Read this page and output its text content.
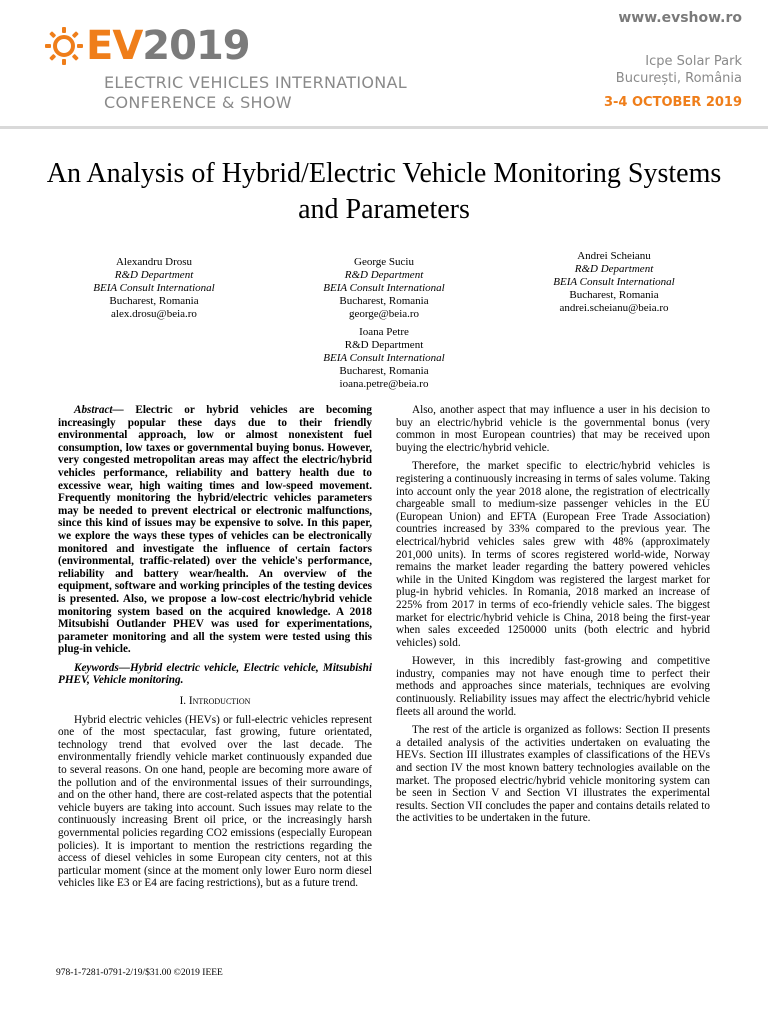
www.evshow.ro
EV2019
ELECTRIC VEHICLES INTERNATIONAL
CONFERENCE & SHOW
Icpe Solar Park
București, România
3-4 OCTOBER 2019
An Analysis of Hybrid/Electric Vehicle Monitoring Systems and Parameters
Alexandru Drosu
R&D Department
BEIA Consult International
Bucharest, Romania
alex.drosu@beia.ro
George Suciu
R&D Department
BEIA Consult International
Bucharest, Romania
george@beia.ro
Andrei Scheianu
R&D Department
BEIA Consult International
Bucharest, Romania
andrei.scheianu@beia.ro
Ioana Petre
R&D Department
BEIA Consult International
Bucharest, Romania
ioana.petre@beia.ro

Abstract— Electric or hybrid vehicles are becoming increasingly popular these days due to their friendly environmental approach, low or almost nonexistent fuel consumption, low taxes or governmental buying bonus. However, very congested metropolitan areas may affect the electric/hybrid vehicles performance, reliability and battery health due to excessive wear, high waiting times and low-speed movement. Frequently monitoring the hybrid/electric vehicles parameters may be needed to prevent electrical or electronic malfunctions, since this kind of issues may be expensive to solve. In this paper, we explore the ways these types of vehicles can be electronically monitored and investigate the influence of certain factors (environmental, traffic-related) over the vehicle's performance, reliability and battery wear/health. An overview of the equipment, software and working principles of the testing devices is presented. Also, we propose a low-cost electric/hybrid vehicle monitoring system based on the acquired knowledge. A 2018 Mitsubishi Outlander PHEV was used for experimentations, parameter monitoring and all the system were tested using this plug-in vehicle.

Keywords—Hybrid electric vehicle, Electric vehicle, Mitsubishi PHEV, Vehicle monitoring.

I. Introduction

Hybrid electric vehicles (HEVs) or full-electric vehicles represent one of the most spectacular, fast growing, future orientated, technology trend that evolved over the last decade. The environmentally friendly vehicle market continuously expanded due to several reasons. On one hand, people are becoming more aware of the pollution and of the environmental issues of their surroundings, and on the other hand, there are cost-related aspects that the potential vehicle buyers are taking into account. Such issues may relate to the continuously increasing Brent oil price, or the increasingly harsh governmental policies regarding CO2 emissions (especially European policies). It is important to mention the restrictions regarding the access of diesel vehicles in some European city centers, not at this particular moment (since at the moment only lower Euro norm diesel vehicles like E3 or E4 are facing restrictions), but as a future trend.

Also, another aspect that may influence a user in his decision to buy an electric/hybrid vehicle is the governmental bonus (very common in most European countries) that may be received upon buying the electric/hybrid vehicle.

Therefore, the market specific to electric/hybrid vehicles is registering a continuously increasing in terms of sales volume. Taking into account only the year 2018 alone, the registration of electrically chargeable small to medium-size passenger vehicles in the EU (European Union) and EFTA (European Free Trade Association) countries increased by 33% compared to the previous year. The electrical/hybrid vehicles sales grew with 48% (approximately 201,000 units). In terms of scores registered world-wide, Norway remains the market leader regarding the battery powered vehicles while in the United Kingdom was registered the largest market for plug-in hybrid vehicles. In Romania, 2018 marked an increase of 225% from 2017 in terms of eco-friendly vehicle sales. The biggest market for electric/hybrid vehicle is China, 2018 being the first-year when sales exceeded 1250000 units (both electric and hybrid vehicles) sold.

However, in this incredibly fast-growing and competitive industry, companies may not have enough time to perfect their methods and approaches since materials, techniques are evolving continuously. Reliability issues may affect the electric/hybrid vehicle fleets all around the world.

The rest of the article is organized as follows: Section II presents a detailed analysis of the activities undertaken on evaluating the HEVs. Section III illustrates examples of classifications of the HEVs and section IV the most known battery technologies available on the market. The proposed electric/hybrid vehicle monitoring system can be seen in Section V and Section VI illustrates the experimental results. Section VII concludes the paper and contains details related to the activities to be undertaken in the future.

978-1-7281-0791-2/19/$31.00 ©2019 IEEE
